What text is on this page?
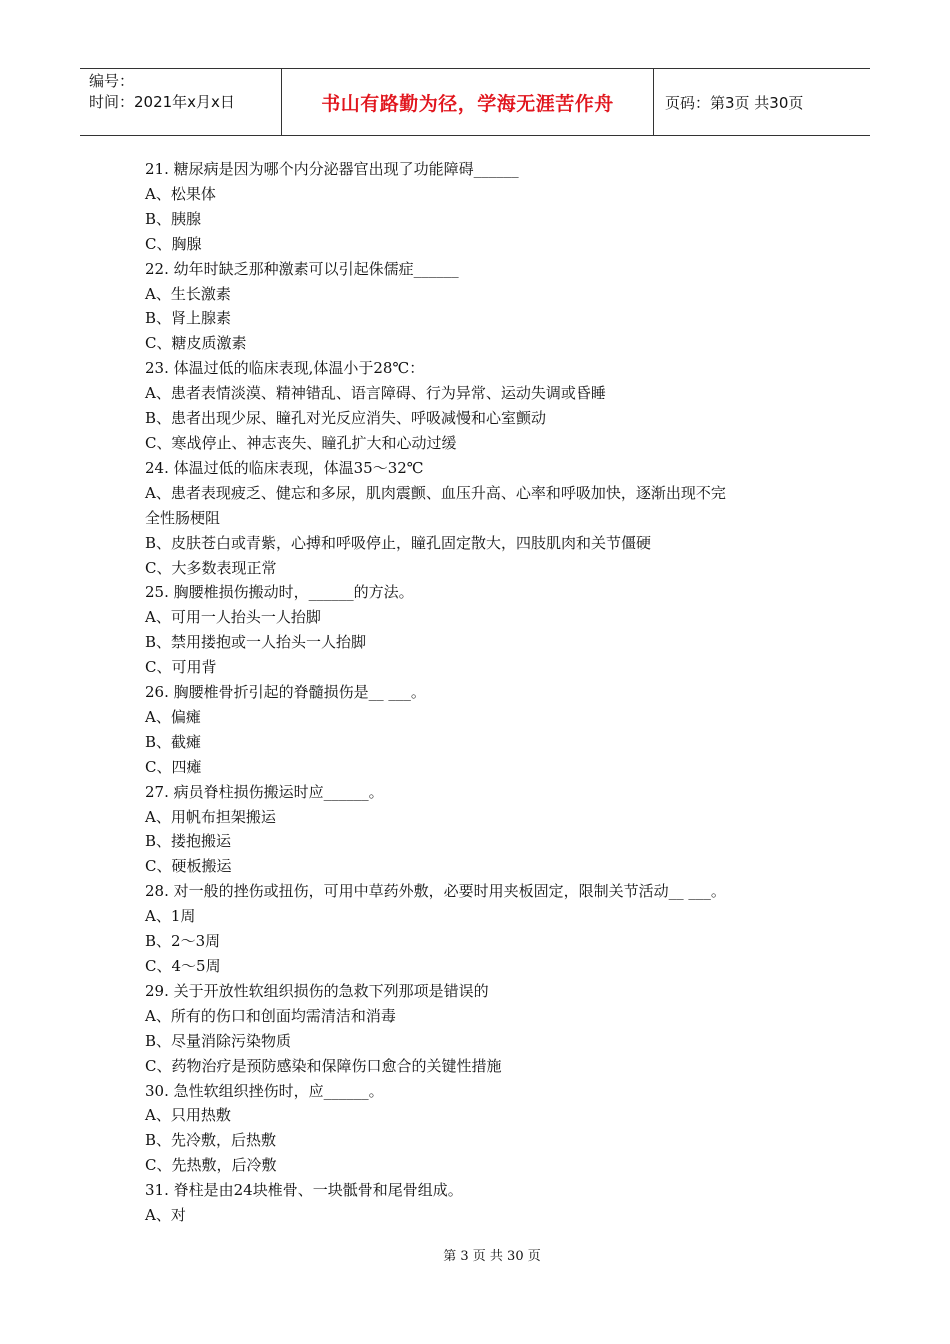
编号：
时间：2021年x月x日	书山有路勤为径，学海无涯苦作舟	页码：第3页 共30页
21. 糖尿病是因为哪个内分泌器官出现了功能障碍______
A、松果体
B、胰腺
C、胸腺
22. 幼年时缺乏那种激素可以引起侏儒症______
A、生长激素
B、肾上腺素
C、糖皮质激素
23. 体温过低的临床表现,体温小于28℃：
A、患者表情淡漠、精神错乱、语言障碍、行为异常、运动失调或昏睡
B、患者出现少尿、瞳孔对光反应消失、呼吸减慢和心室颤动
C、寒战停止、神志丧失、瞳孔扩大和心动过缓
24. 体温过低的临床表现，体温35～32℃
A、患者表现疲乏、健忘和多尿，肌肉震颤、血压升高、心率和呼吸加快，逐渐出现不完
全性肠梗阻
B、皮肤苍白或青紫，心搏和呼吸停止，瞳孔固定散大，四肢肌肉和关节僵硬
C、大多数表现正常
25. 胸腰椎损伤搬动时，______的方法。
A、可用一人抬头一人抬脚
B、禁用搂抱或一人抬头一人抬脚
C、可用背
26. 胸腰椎骨折引起的脊髓损伤是__ ___。
A、偏瘫
B、截瘫
C、四瘫
27. 病员脊柱损伤搬运时应______。
A、用帆布担架搬运
B、搂抱搬运
C、硬板搬运
28. 对一般的挫伤或扭伤，可用中草药外敷，必要时用夹板固定，限制关节活动__ ___。
A、1周
B、2～3周
C、4～5周
29. 关于开放性软组织损伤的急救下列那项是错误的
A、所有的伤口和创面均需清洁和消毒
B、尽量消除污染物质
C、药物治疗是预防感染和保障伤口愈合的关键性措施
30. 急性软组织挫伤时，应______。
A、只用热敷
B、先冷敷，后热敷
C、先热敷，后冷敷
31. 脊柱是由24块椎骨、一块骶骨和尾骨组成。
A、对
第 3 页 共 30 页
